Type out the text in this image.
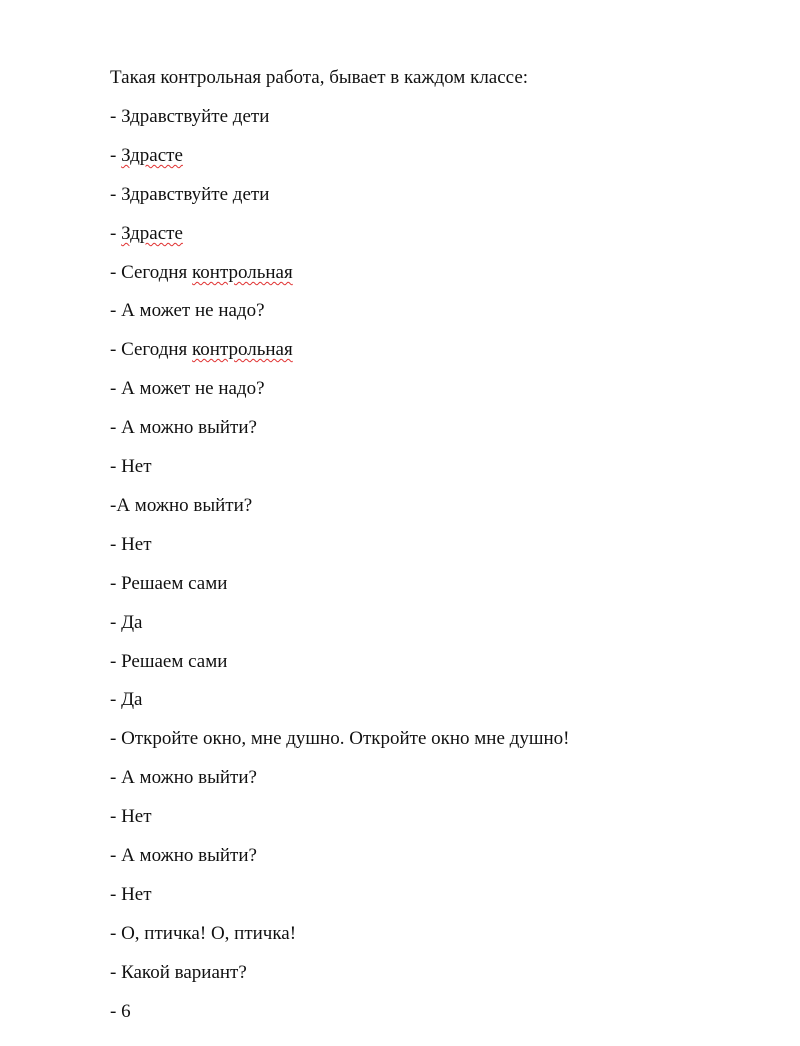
Такая контрольная работа, бывает в каждом классе:
- Здравствуйте дети
- Здрасте
- Здравствуйте дети
- Здрасте
- Сегодня контрольная
- А может не надо?
- Сегодня контрольная
- А может не надо?
- А можно выйти?
- Нет
-А можно выйти?
- Нет
- Решаем сами
- Да
- Решаем сами
- Да
- Откройте окно, мне душно. Откройте окно мне душно!
- А можно выйти?
- Нет
- А можно выйти?
- Нет
- О, птичка! О, птичка!
- Какой вариант?
- 6
